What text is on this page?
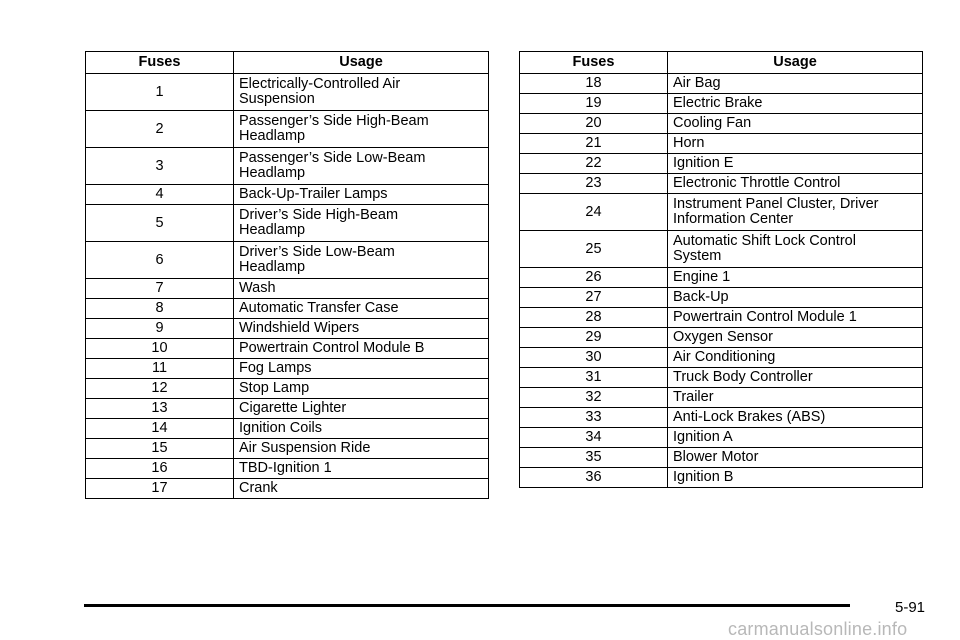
Fuses	Usage
1	Electrically-Controlled Air
Suspension
2	Passenger’s Side High-Beam
Headlamp
3	Passenger’s Side Low-Beam
Headlamp
4	Back-Up-Trailer Lamps
5	Driver’s Side High-Beam
Headlamp
6	Driver’s Side Low-Beam
Headlamp
7	Wash
8	Automatic Transfer Case
9	Windshield Wipers
10	Powertrain Control Module B
11	Fog Lamps
12	Stop Lamp
13	Cigarette Lighter
14	Ignition Coils
15	Air Suspension Ride
16	TBD-Ignition 1
17	Crank
Fuses	Usage
18	Air Bag
19	Electric Brake
20	Cooling Fan
21	Horn
22	Ignition E
23	Electronic Throttle Control
24	Instrument Panel Cluster, Driver
Information Center
25	Automatic Shift Lock Control
System
26	Engine 1
27	Back-Up
28	Powertrain Control Module 1
29	Oxygen Sensor
30	Air Conditioning
31	Truck Body Controller
32	Trailer
33	Anti-Lock Brakes (ABS)
34	Ignition A
35	Blower Motor
36	Ignition B
5-91
carmanualsonline.info
